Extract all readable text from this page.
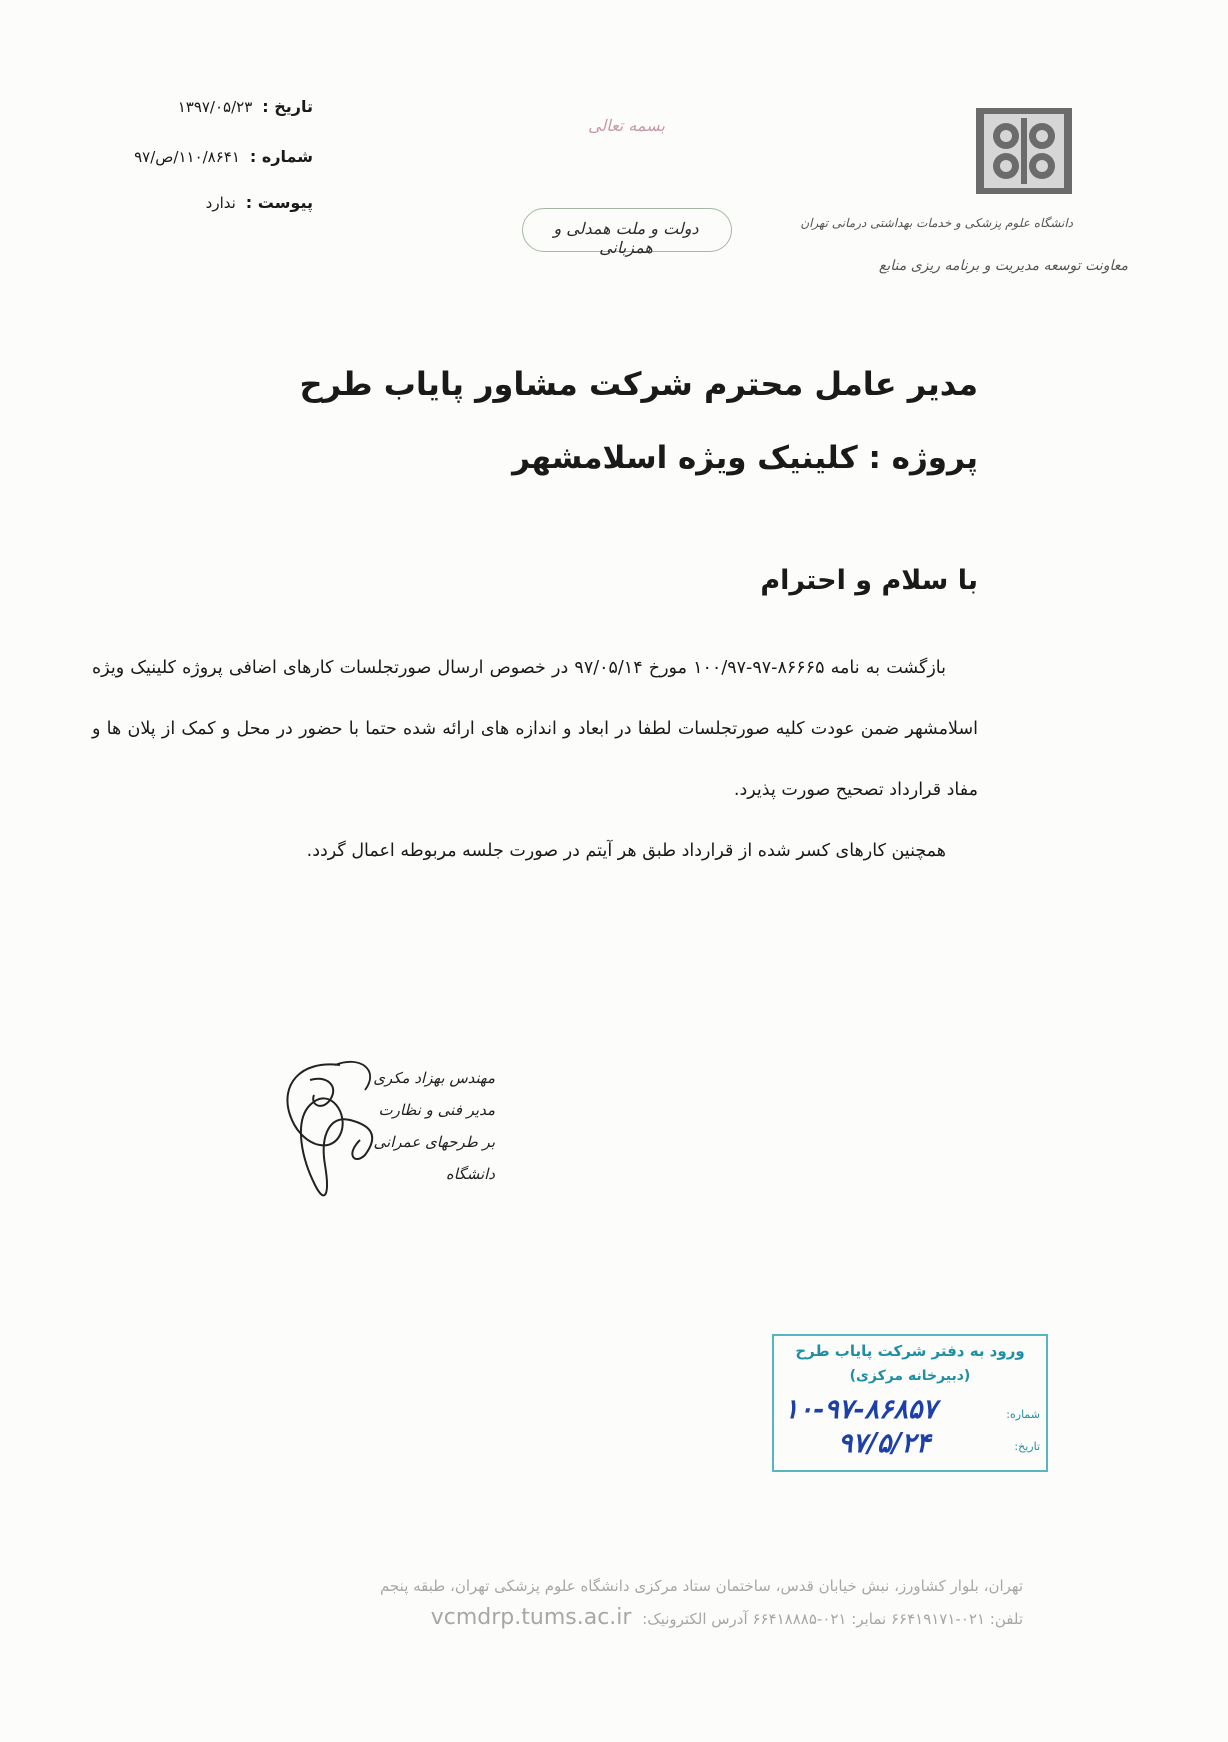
تاریخ :۱۳۹۷/۰۵/۲۳
شماره :۱۱۰/۸۶۴۱/ص/۹۷
پیوست :ندارد
بسمه تعالی
دولت و ملت همدلی و همزبانی
دانشگاه علوم پزشکی و خدمات بهداشتی درمانی تهران
معاونت توسعه مدیریت و برنامه ریزی منابع
مدیر عامل محترم شرکت مشاور پایاب طرح
پروژه : کلینیک ویژه اسلامشهر
با سلام و احترام

بازگشت به نامه ۸۶۶۶۵-۹۷-۱۰۰/۹۷ مورخ ۹۷/۰۵/۱۴ در خصوص ارسال صورتجلسات کارهای اضافی پروژه کلینیک ویژه اسلامشهر ضمن عودت کلیه صورتجلسات لطفا در ابعاد و اندازه های ارائه شده حتما با حضور در محل و کمک از پلان ها و مفاد قرارداد تصحیح صورت پذیرد.

همچنین کارهای کسر شده از قرارداد طبق هر آیتم در صورت جلسه مربوطه اعمال گردد.

مهندس بهزاد مکری
مدیر فنی و نظارت
بر طرحهای عمرانی دانشگاه
ورود به دفتر شرکت پایاب طرح
(دبیرخانه مرکزی)
شماره:
تاریخ:
۱۰-۹۷-۸۶۸۵۷
۹۷/۵/۲۴
تهران، بلوار کشاورز، نبش خیابان قدس، ساختمان ستاد مرکزی دانشگاه علوم پزشکی تهران، طبقه پنجم
تلفن: ۰۲۱-۶۶۴۱۹۱۷۱ نمابر: ۰۲۱-۶۶۴۱۸۸۸۵ آدرس الکترونیک: vcmdrp.tums.ac.ir
